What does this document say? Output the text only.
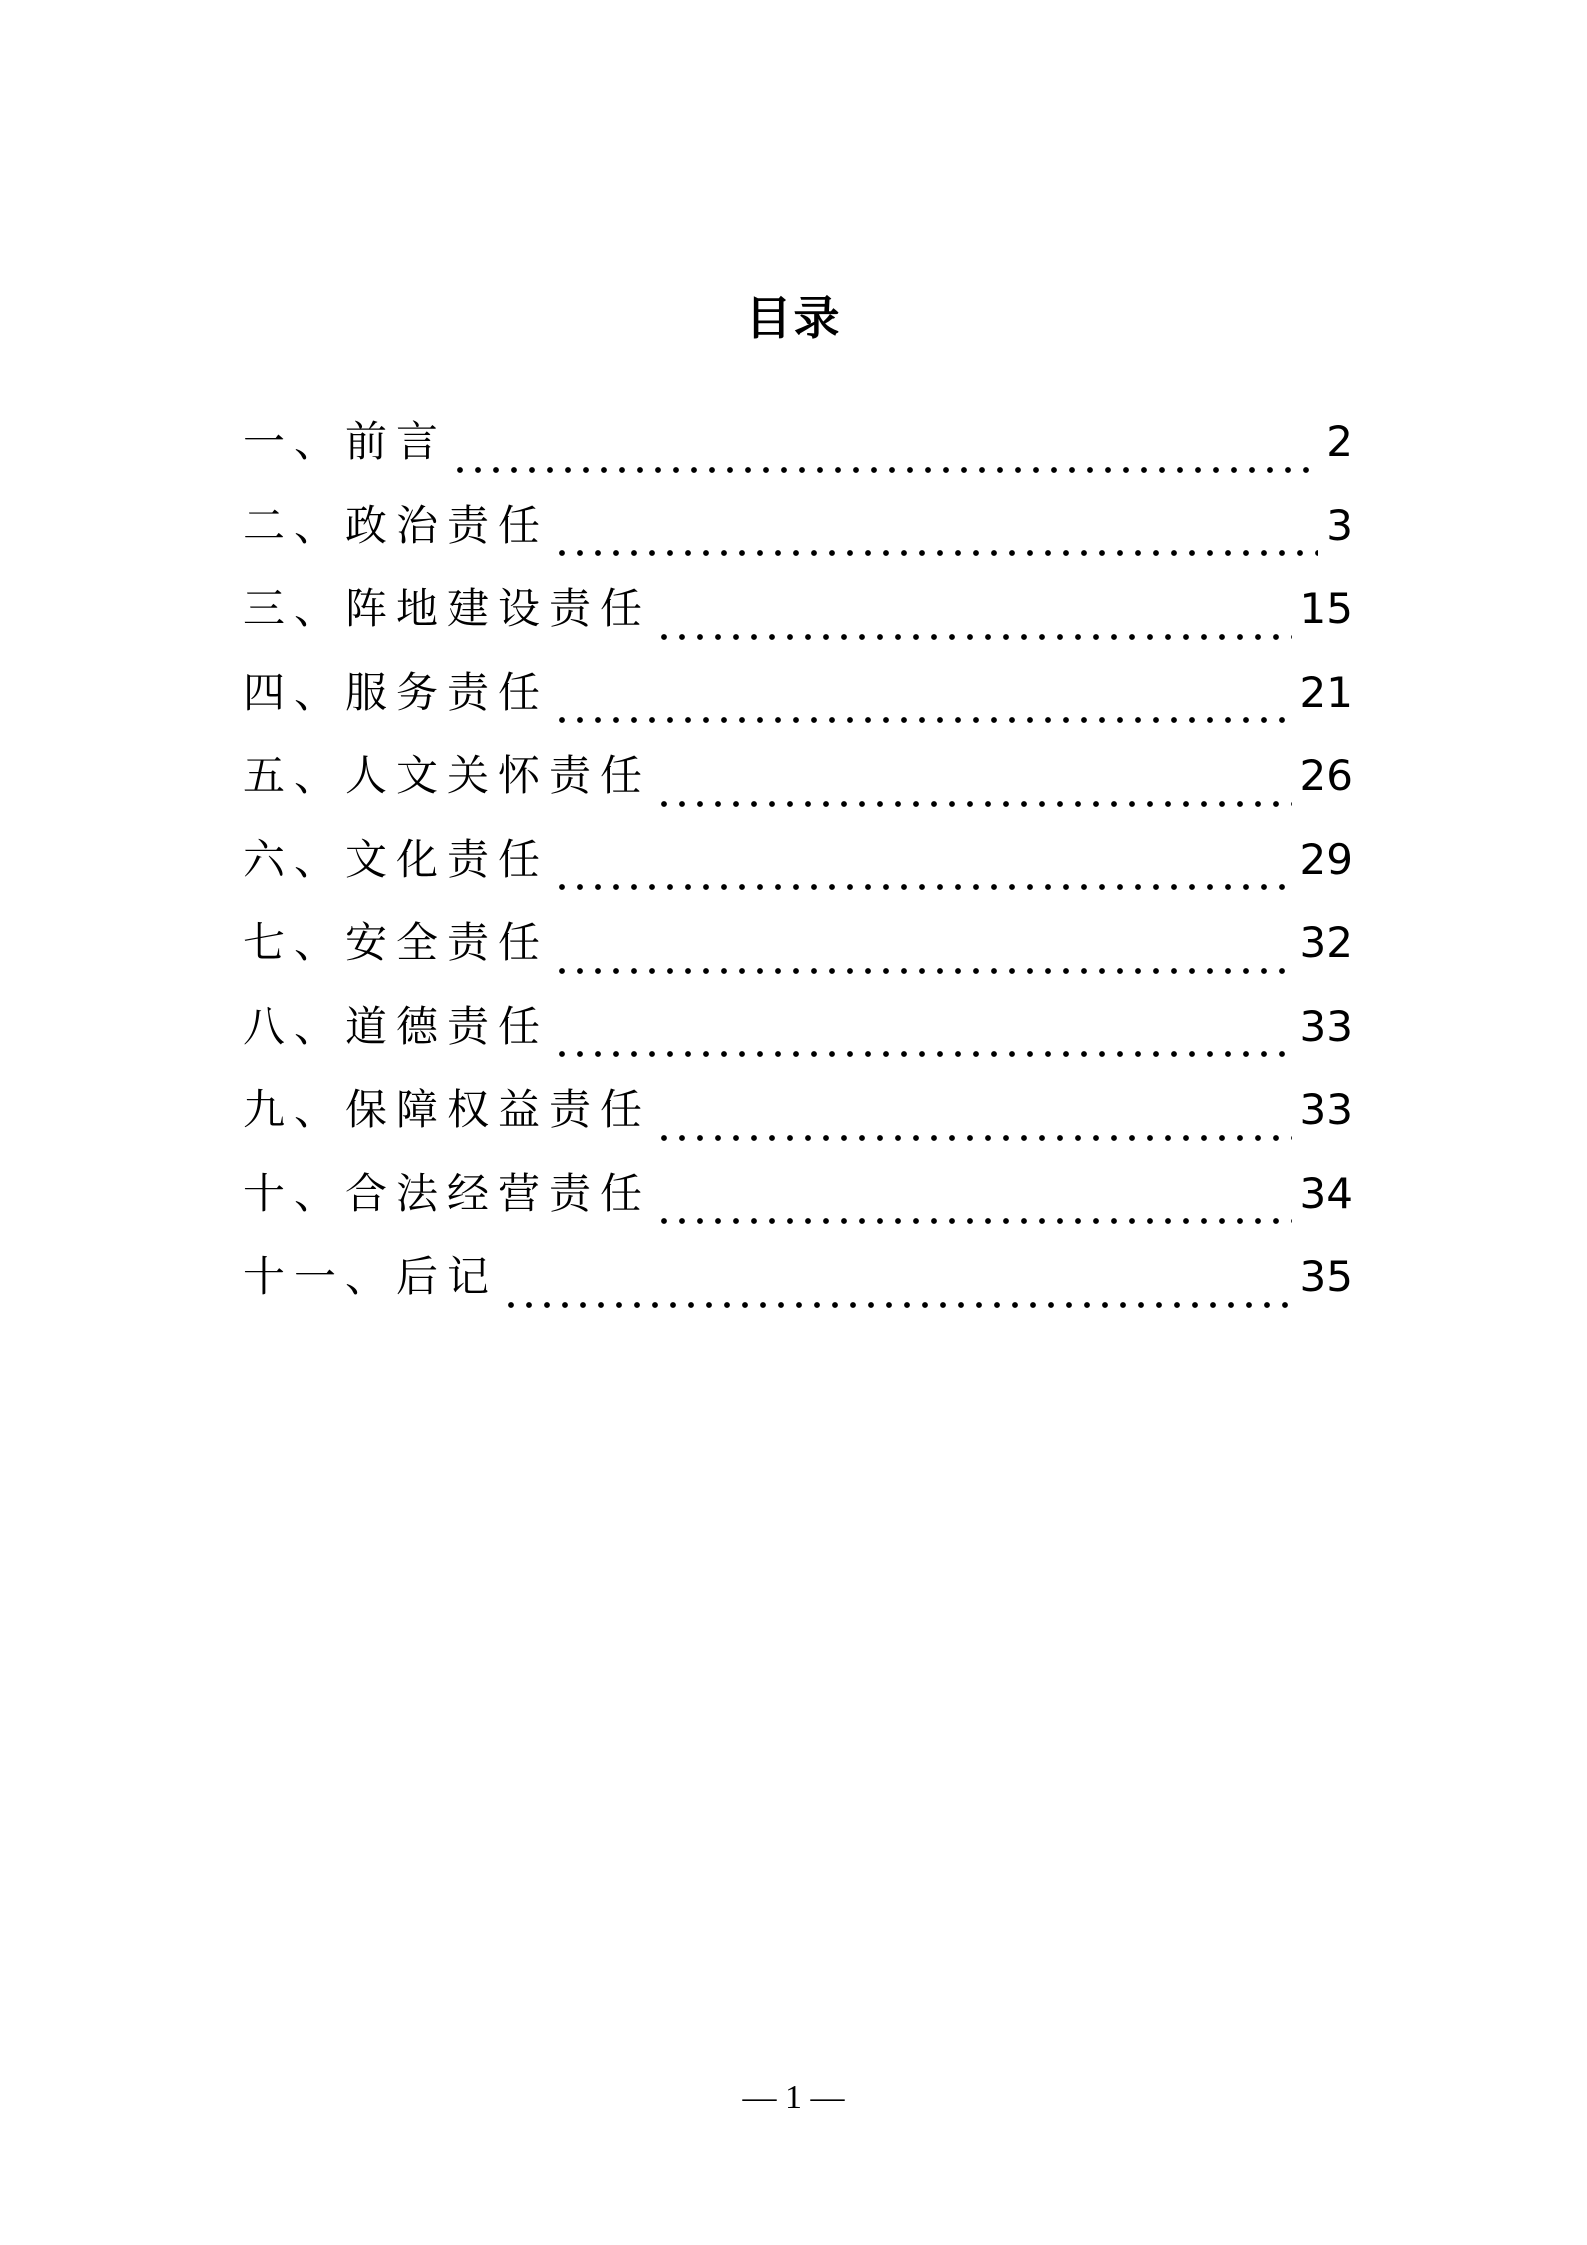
目录
一、前言	2
二、政治责任	3
三、阵地建设责任	15
四、服务责任	21
五、人文关怀责任	26
六、文化责任	29
七、安全责任	32
八、道德责任	33
九、保障权益责任	33
十、合法经营责任	34
十一、后记	35
— 1 —
